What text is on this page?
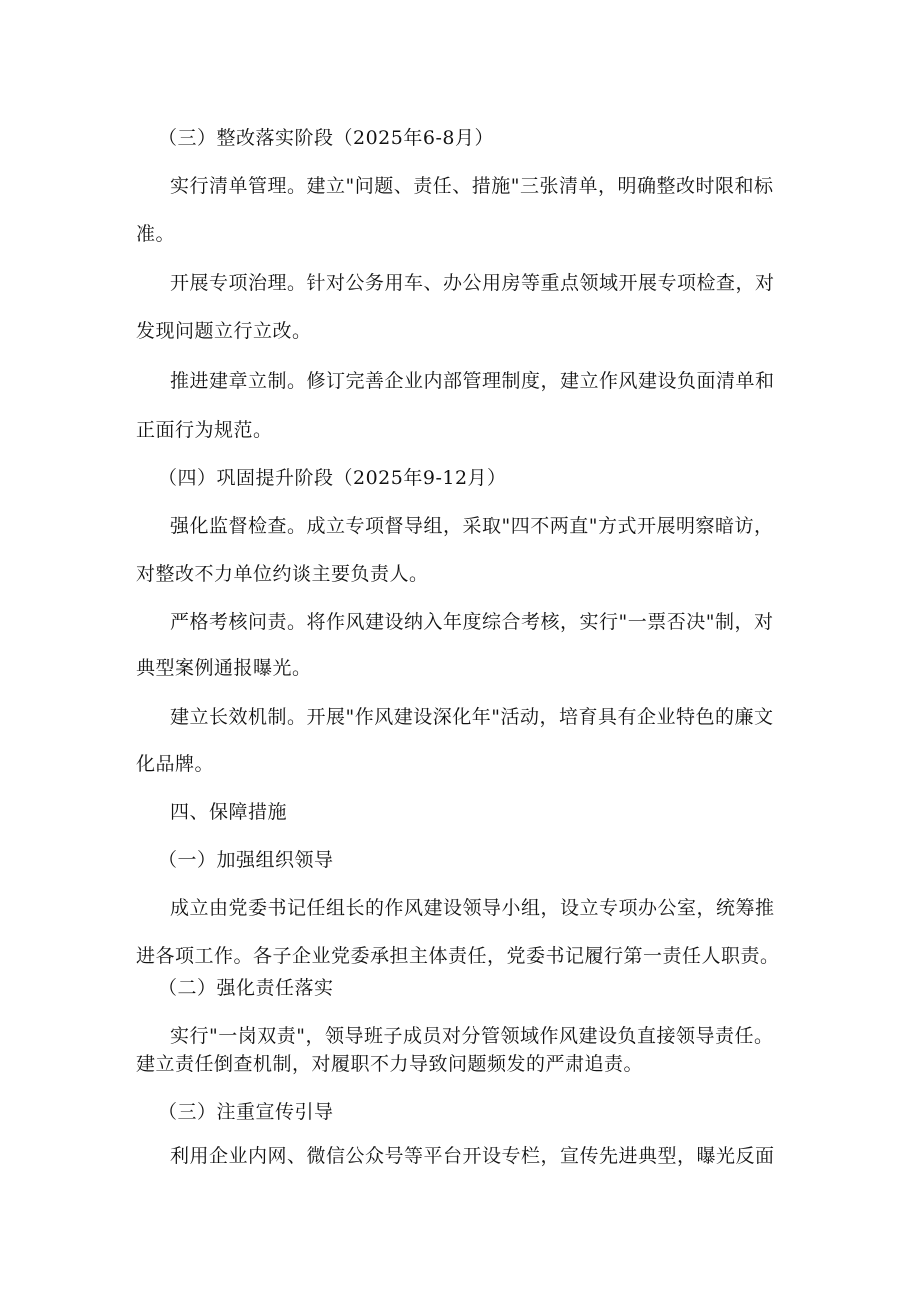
（三）整改落实阶段（2025年6-8月）
实行清单管理。建立"问题、责任、措施"三张清单，明确整改时限和标
准。
开展专项治理。针对公务用车、办公用房等重点领域开展专项检查，对
发现问题立行立改。
推进建章立制。修订完善企业内部管理制度，建立作风建设负面清单和
正面行为规范。
（四）巩固提升阶段（2025年9-12月）
强化监督检查。成立专项督导组，采取"四不两直"方式开展明察暗访，
对整改不力单位约谈主要负责人。
严格考核问责。将作风建设纳入年度综合考核，实行"一票否决"制，对
典型案例通报曝光。
建立长效机制。开展"作风建设深化年"活动，培育具有企业特色的廉文
化品牌。
四、保障措施
（一）加强组织领导
成立由党委书记任组长的作风建设领导小组，设立专项办公室，统筹推
进各项工作。各子企业党委承担主体责任，党委书记履行第一责任人职责。
（二）强化责任落实
实行"一岗双责"，领导班子成员对分管领域作风建设负直接领导责任。
建立责任倒查机制，对履职不力导致问题频发的严肃追责。
（三）注重宣传引导
利用企业内网、微信公众号等平台开设专栏，宣传先进典型，曝光反面
